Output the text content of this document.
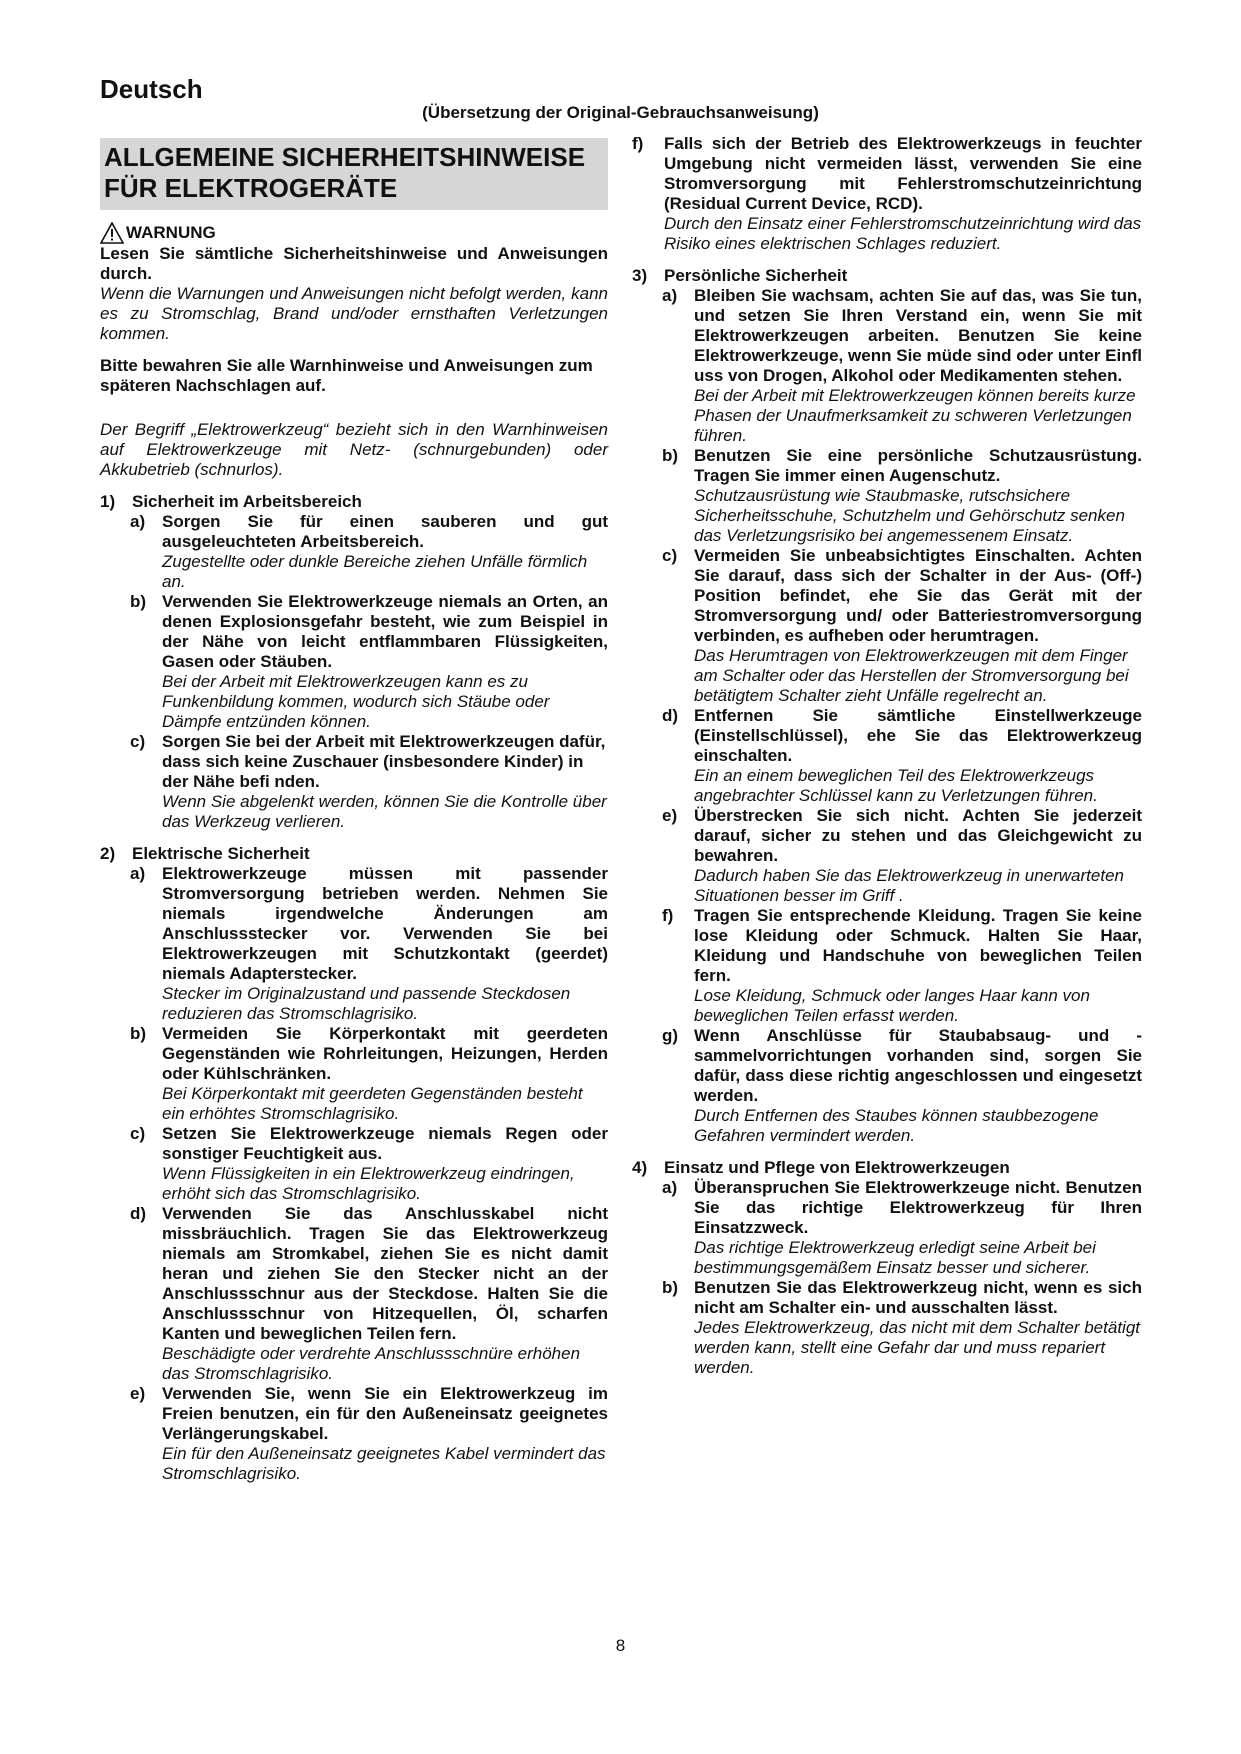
Deutsch
(Übersetzung der Original-Gebrauchsanweisung)
ALLGEMEINE SICHERHEITSHINWEISE FÜR ELEKTROGERÄTE
WARNUNG

Lesen Sie sämtliche Sicherheitshinweise und Anweisungen durch.

Wenn die Warnungen und Anweisungen nicht befolgt werden, kann es zu Stromschlag, Brand und/oder ernsthaften Verletzungen kommen.

Bitte bewahren Sie alle Warnhinweise und Anweisungen zum späteren Nachschlagen auf.

Der Begriff „Elektrowerkzeug“ bezieht sich in den Warnhinweisen auf Elektrowerkzeuge mit Netz- (schnurgebunden) oder Akkubetrieb (schnurlos).

1) Sicherheit im Arbeitsbereich
a) Sorgen Sie für einen sauberen und gut ausgeleuchteten Arbeitsbereich.

Zugestellte oder dunkle Bereiche ziehen Unfälle förmlich an.

b) Verwenden Sie Elektrowerkzeuge niemals an Orten, an denen Explosionsgefahr besteht, wie zum Beispiel in der Nähe von leicht entflammbaren Flüssigkeiten, Gasen oder Stäuben.

Bei der Arbeit mit Elektrowerkzeugen kann es zu Funkenbildung kommen, wodurch sich Stäube oder Dämpfe entzünden können.

c) Sorgen Sie bei der Arbeit mit Elektrowerkzeugen dafür, dass sich keine Zuschauer (insbesondere Kinder) in der Nähe befi nden.

Wenn Sie abgelenkt werden, können Sie die Kontrolle über das Werkzeug verlieren.

2) Elektrische Sicherheit
a) Elektrowerkzeuge müssen mit passender Stromversorgung betrieben werden. Nehmen Sie niemals irgendwelche Änderungen am Anschlussstecker vor. Verwenden Sie bei Elektrowerkzeugen mit Schutzkontakt (geerdet) niemals Adapterstecker.

Stecker im Originalzustand und passende Steckdosen reduzieren das Stromschlagrisiko.

b) Vermeiden Sie Körperkontakt mit geerdeten Gegenständen wie Rohrleitungen, Heizungen, Herden oder Kühlschränken.

Bei Körperkontakt mit geerdeten Gegenständen besteht ein erhöhtes Stromschlagrisiko.

c) Setzen Sie Elektrowerkzeuge niemals Regen oder sonstiger Feuchtigkeit aus.

Wenn Flüssigkeiten in ein Elektrowerkzeug eindringen, erhöht sich das Stromschlagrisiko.

d) Verwenden Sie das Anschlusskabel nicht missbräuchlich. Tragen Sie das Elektrowerkzeug niemals am Stromkabel, ziehen Sie es nicht damit heran und ziehen Sie den Stecker nicht an der Anschlussschnur aus der Steckdose. Halten Sie die Anschlussschnur von Hitzequellen, Öl, scharfen Kanten und beweglichen Teilen fern.

Beschädigte oder verdrehte Anschlussschnüre erhöhen das Stromschlagrisiko.

e) Verwenden Sie, wenn Sie ein Elektrowerkzeug im Freien benutzen, ein für den Außeneinsatz geeignetes Verlängerungskabel.

Ein für den Außeneinsatz geeignetes Kabel vermindert das Stromschlagrisiko.

f)	Falls sich der Betrieb des Elektrowerkzeugs in feuchter Umgebung nicht vermeiden lässt, verwenden Sie eine Stromversorgung mit Fehlerstromschutzeinrichtung (Residual Current Device, RCD).

Durch den Einsatz einer Fehlerstromschutzeinrichtung wird das Risiko eines elektrischen Schlages reduziert.

3) Persönliche Sicherheit
a) Bleiben Sie wachsam, achten Sie auf das, was Sie tun, und setzen Sie Ihren Verstand ein, wenn Sie mit Elektrowerkzeugen arbeiten. Benutzen Sie keine Elektrowerkzeuge, wenn Sie müde sind oder unter Einfl uss von Drogen, Alkohol oder Medikamenten stehen.

Bei der Arbeit mit Elektrowerkzeugen können bereits kurze Phasen der Unaufmerksamkeit zu schweren Verletzungen führen.

b) Benutzen Sie eine persönliche Schutzausrüstung. Tragen Sie immer einen Augenschutz.

Schutzausrüstung wie Staubmaske, rutschsichere Sicherheitsschuhe, Schutzhelm und Gehörschutz senken das Verletzungsrisiko bei angemessenem Einsatz.

c) Vermeiden Sie unbeabsichtigtes Einschalten. Achten Sie darauf, dass sich der Schalter in der Aus- (Off-) Position befindet, ehe Sie das Gerät mit der Stromversorgung und/ oder Batteriestromversorgung verbinden, es aufheben oder herumtragen.

Das Herumtragen von Elektrowerkzeugen mit dem Finger am Schalter oder das Herstellen der Stromversorgung bei betätigtem Schalter zieht Unfälle regelrecht an.

d) Entfernen Sie sämtliche Einstellwerkzeuge (Einstellschlüssel), ehe Sie das Elektrowerkzeug einschalten.

Ein an einem beweglichen Teil des Elektrowerkzeugs angebrachter Schlüssel kann zu Verletzungen führen.

e) Überstrecken Sie sich nicht. Achten Sie jederzeit darauf, sicher zu stehen und das Gleichgewicht zu bewahren.

Dadurch haben Sie das Elektrowerkzeug in unerwarteten Situationen besser im Griff .

f)	Tragen Sie entsprechende Kleidung. Tragen Sie keine lose Kleidung oder Schmuck. Halten Sie Haar, Kleidung und Handschuhe von beweglichen Teilen fern.

Lose Kleidung, Schmuck oder langes Haar kann von beweglichen Teilen erfasst werden.

g) Wenn Anschlüsse für Staubabsaug- und -sammelvorrichtungen vorhanden sind, sorgen Sie dafür, dass diese richtig angeschlossen und eingesetzt werden.

Durch Entfernen des Staubes können staubbezogene Gefahren vermindert werden.

4) Einsatz und Pflege von Elektrowerkzeugen
a) Überanspruchen Sie Elektrowerkzeuge nicht. Benutzen Sie das richtige Elektrowerkzeug für Ihren Einsatzzweck.

Das richtige Elektrowerkzeug erledigt seine Arbeit bei bestimmungsgemäßem Einsatz besser und sicherer.

b) Benutzen Sie das Elektrowerkzeug nicht, wenn es sich nicht am Schalter ein- und ausschalten lässt.

Jedes Elektrowerkzeug, das nicht mit dem Schalter betätigt werden kann, stellt eine Gefahr dar und muss repariert werden.

8
